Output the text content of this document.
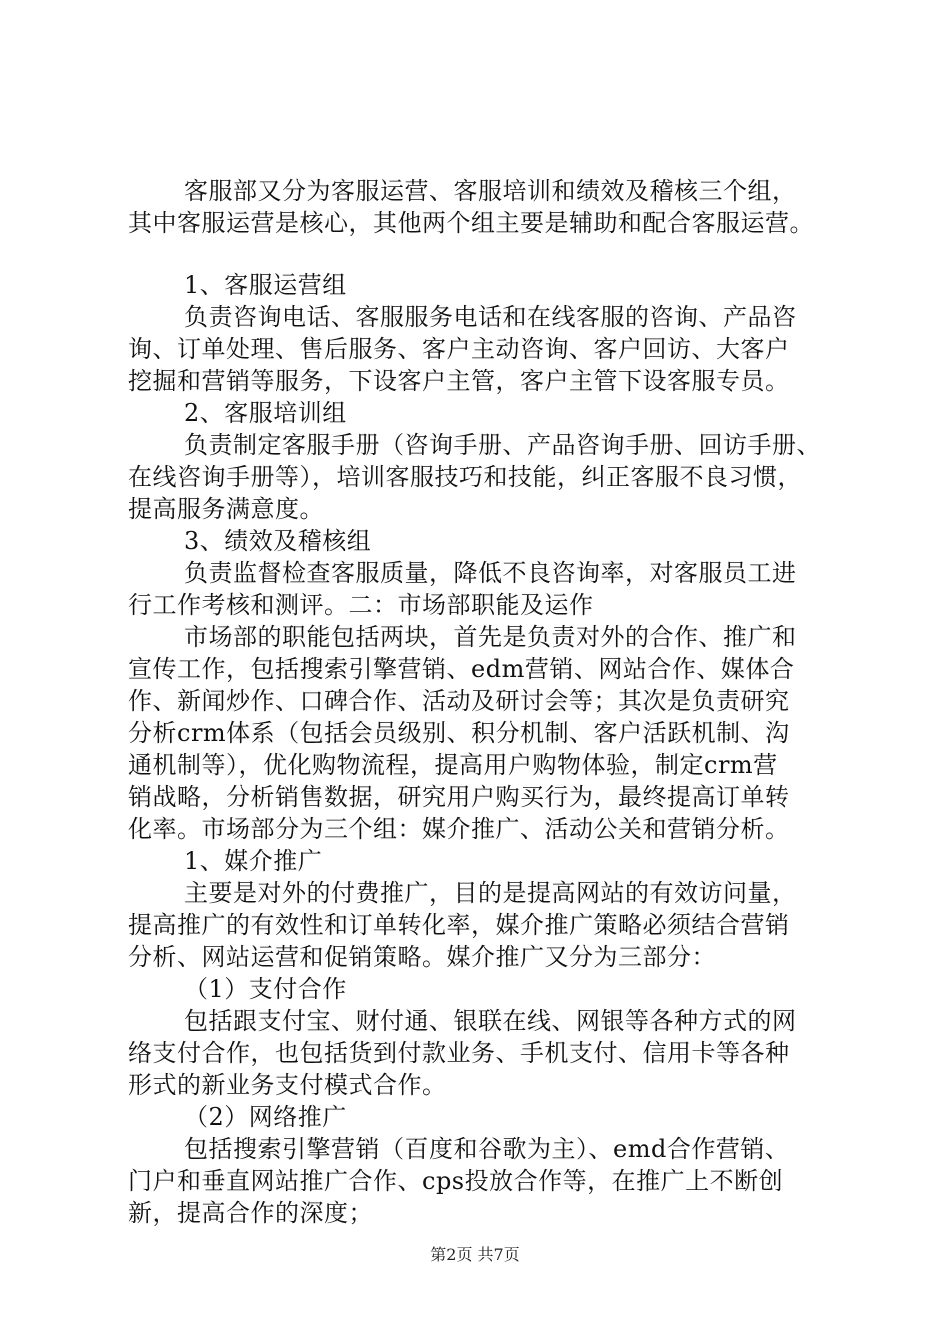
客服部又分为客服运营、客服培训和绩效及稽核三个组，
其中客服运营是核心，其他两个组主要是辅助和配合客服运营。
1、客服运营组
负责咨询电话、客服服务电话和在线客服的咨询、产品咨
询、订单处理、售后服务、客户主动咨询、客户回访、大客户
挖掘和营销等服务，下设客户主管，客户主管下设客服专员。
2、客服培训组
负责制定客服手册（咨询手册、产品咨询手册、回访手册、
在线咨询手册等），培训客服技巧和技能，纠正客服不良习惯，
提高服务满意度。
3、绩效及稽核组
负责监督检查客服质量，降低不良咨询率，对客服员工进
行工作考核和测评。二：市场部职能及运作
市场部的职能包括两块，首先是负责对外的合作、推广和
宣传工作，包括搜索引擎营销、edm营销、网站合作、媒体合
作、新闻炒作、口碑合作、活动及研讨会等；其次是负责研究
分析crm体系（包括会员级别、积分机制、客户活跃机制、沟
通机制等），优化购物流程，提高用户购物体验，制定crm营
销战略，分析销售数据，研究用户购买行为，最终提高订单转
化率。市场部分为三个组：媒介推广、活动公关和营销分析。
1、媒介推广
主要是对外的付费推广，目的是提高网站的有效访问量，
提高推广的有效性和订单转化率，媒介推广策略必须结合营销
分析、网站运营和促销策略。媒介推广又分为三部分：
（1）支付合作
包括跟支付宝、财付通、银联在线、网银等各种方式的网
络支付合作，也包括货到付款业务、手机支付、信用卡等各种
形式的新业务支付模式合作。
（2）网络推广
包括搜索引擎营销（百度和谷歌为主）、emd合作营销、
门户和垂直网站推广合作、cps投放合作等，在推广上不断创
新，提高合作的深度；
第2页 共7页
